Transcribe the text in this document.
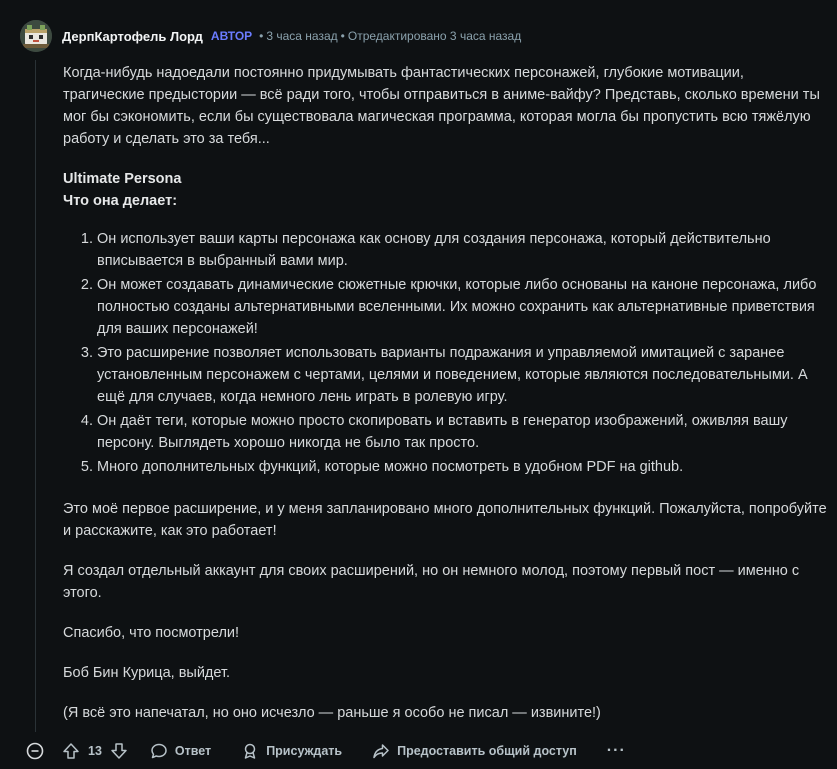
ДерпКартофель Лорд АВТОР • 3 часа назад • Отредактировано 3 часа назад

Когда-нибудь надоедали постоянно придумывать фантастических персонажей, глубокие мотивации, трагические предыстории — всё ради того, чтобы отправиться в аниме-вайфу? Представь, сколько времени ты мог бы сэкономить, если бы существовала магическая программа, которая могла бы пропустить всю тяжёлую работу и сделать это за тебя...

Ultimate Persona

Что она делает:

1. Он использует ваши карты персонажа как основу для создания персонажа, который действительно вписывается в выбранный вами мир.
2. Он может создавать динамические сюжетные крючки, которые либо основаны на каноне персонажа, либо полностью созданы альтернативными вселенными. Их можно сохранить как альтернативные приветствия для ваших персонажей!
3. Это расширение позволяет использовать варианты подражания и управляемой имитацией с заранее установленным персонажем с чертами, целями и поведением, которые являются последовательными. А ещё для случаев, когда немного лень играть в ролевую игру.
4. Он даёт теги, которые можно просто скопировать и вставить в генератор изображений, оживляя вашу персону. Выглядеть хорошо никогда не было так просто.
5. Много дополнительных функций, которые можно посмотреть в удобном PDF на github.

Это моё первое расширение, и у меня запланировано много дополнительных функций. Пожалуйста, попробуйте и расскажите, как это работает!

Я создал отдельный аккаунт для своих расширений, но он немного молод, поэтому первый пост — именно с этого.

Спасибо, что посмотрели!

Боб Бин Курица, выйдет.

(Я всё это напечатал, но оно исчезло — раньше я особо не писал — извините!)

13	Ответ	Присуждать	Предоставить общий доступ ···
